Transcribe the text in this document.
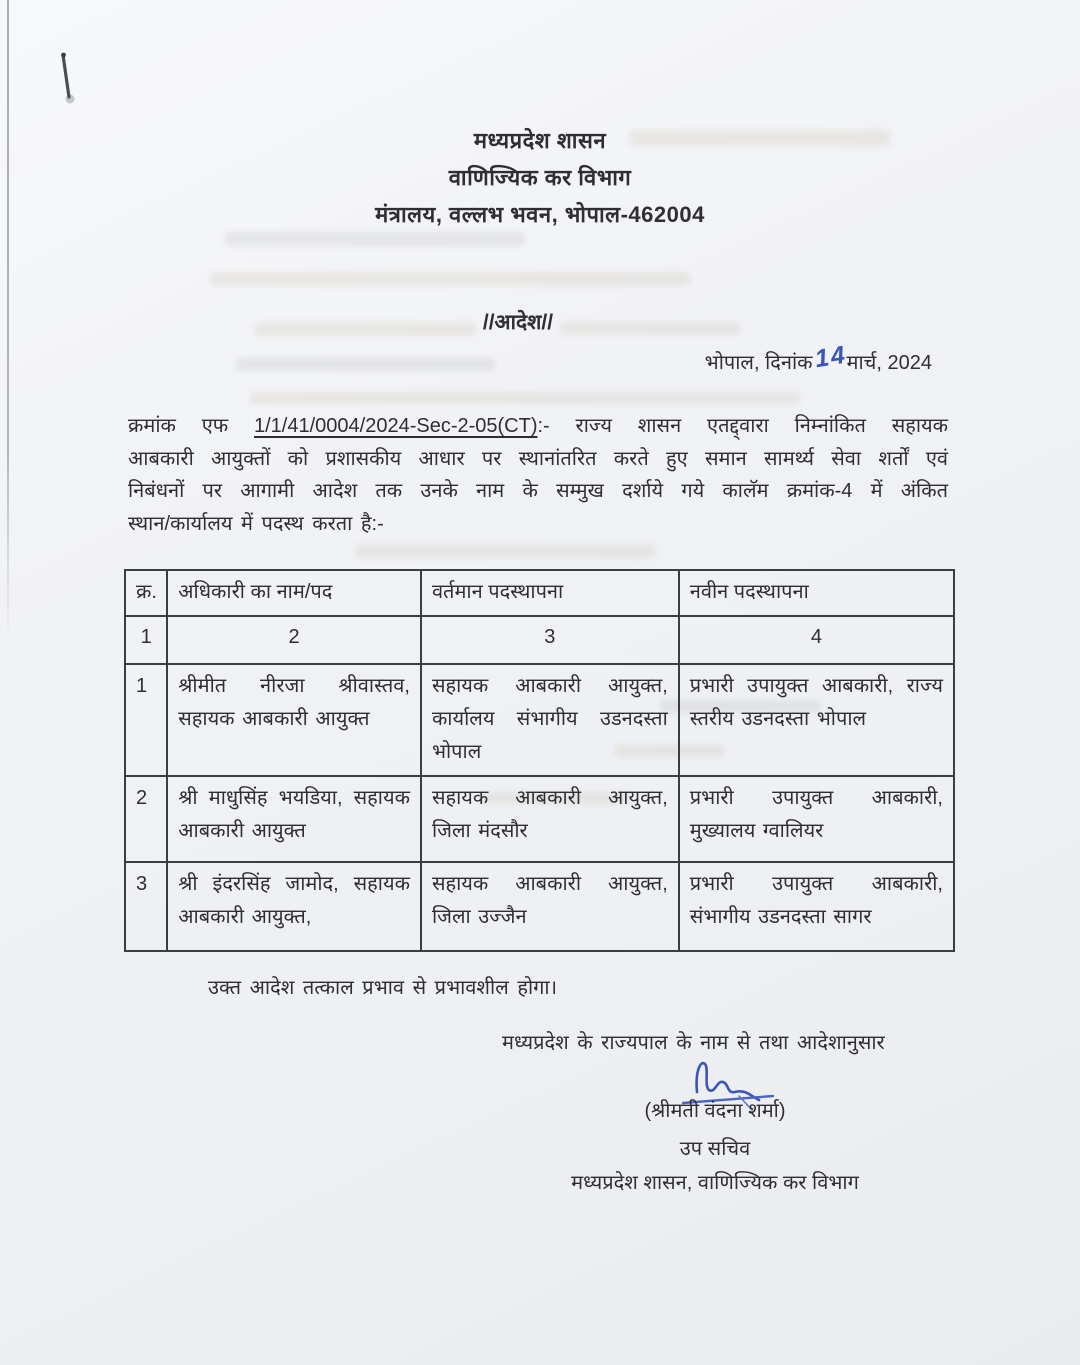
मध्यप्रदेश शासन
वाणिज्यिक कर विभाग
मंत्रालय, वल्लभ भवन, भोपाल-462004
//आदेश//
भोपाल, दिनांक 14
मार्च, 2024
क्रमांक एफ 1/1/41/0004/2024-Sec-2-05(CT):- राज्य शासन एतद्द्वारा निम्नांकित सहायक
आबकारी आयुक्तों को प्रशासकीय आधार पर स्थानांतरित करते हुए समान सामर्थ्य सेवा शर्तों एवं
निबंधनों पर आगामी आदेश तक उनके नाम के सम्मुख दर्शाये गये कालॅम क्रमांक-4 में अंकित
स्थान/कार्यालय में पदस्थ करता है:-
क्र.	अधिकारी का नाम/पद	वर्तमान पदस्थापना	नवीन पदस्थापना
1	2	3	4
1	श्रीमीत नीरजा श्रीवास्तव, सहायक आबकारी आयुक्त	सहायक आबकारी आयुक्त, कार्यालय संभागीय उडनदस्ता भोपाल	प्रभारी उपायुक्त आबकारी, राज्य स्तरीय उडनदस्ता भोपाल
2	श्री माधुसिंह भयडिया, सहायक आबकारी आयुक्त	सहायक आबकारी आयुक्त, जिला मंदसौर	प्रभारी उपायुक्त आबकारी, मुख्यालय ग्वालियर
3	श्री इंदरसिंह जामोद, सहायक आबकारी आयुक्त,	सहायक आबकारी आयुक्त, जिला उज्जैन	प्रभारी उपायुक्त आबकारी, संभागीय उडनदस्ता सागर
उक्त आदेश तत्काल प्रभाव से प्रभावशील होगा।
मध्यप्रदेश के राज्यपाल के नाम से तथा आदेशानुसार
(श्रीमती वंदना शर्मा)
उप सचिव
मध्यप्रदेश शासन, वाणिज्यिक कर विभाग
